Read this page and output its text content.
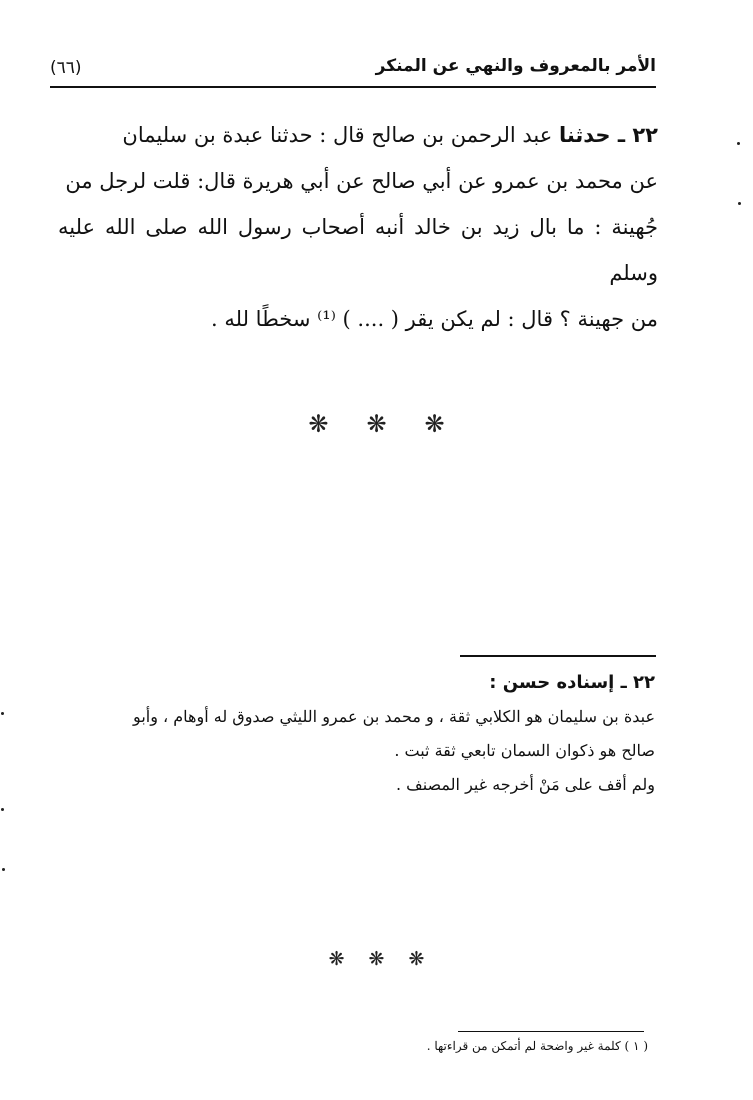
الأمر بالمعروف والنهي عن المنكر
(٦٦)

٢٢ ـ حدثنا عبد الرحمن بن صالح قال : حدثنا عبدة بن سليمان

عن محمد بن عمرو عن أبي صالح عن أبي هريرة قال: قلت لرجل من

جُهينة : ما بال زيد بن خالد أنبه أصحاب رسول الله صلى الله عليه وسلم

من جهينة ؟ قال : لم يكن يقر ( .... ) ⁽¹⁾ سخطًا لله .

❋ ❋ ❋

٢٢ ـ إسناده حسن :

عبدة بن سليمان هو الكلابي ثقة ، و محمد بن عمرو الليثي صدوق له أوهام ، وأبو

صالح هو ذكوان السمان تابعي ثقة ثبت .

ولم أقف على مَنْ أخرجه غير المصنف .

❋ ❋ ❋
( ١ ) كلمة غير واضحة لم أتمكن من قراءتها .
